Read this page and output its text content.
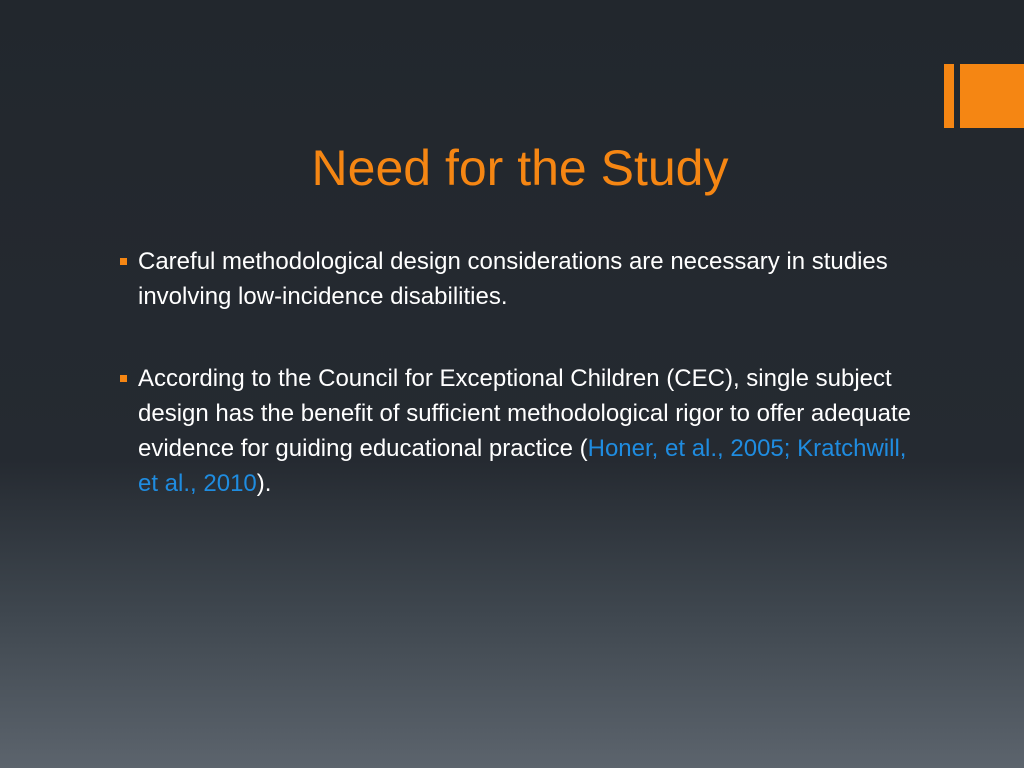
Need for the Study
Careful methodological design considerations are necessary in studies involving low-incidence disabilities.
According to the Council for Exceptional Children (CEC), single subject design has the benefit of sufficient methodological rigor to offer adequate evidence for guiding educational practice (Honer, et al., 2005; Kratchwill, et al., 2010).
